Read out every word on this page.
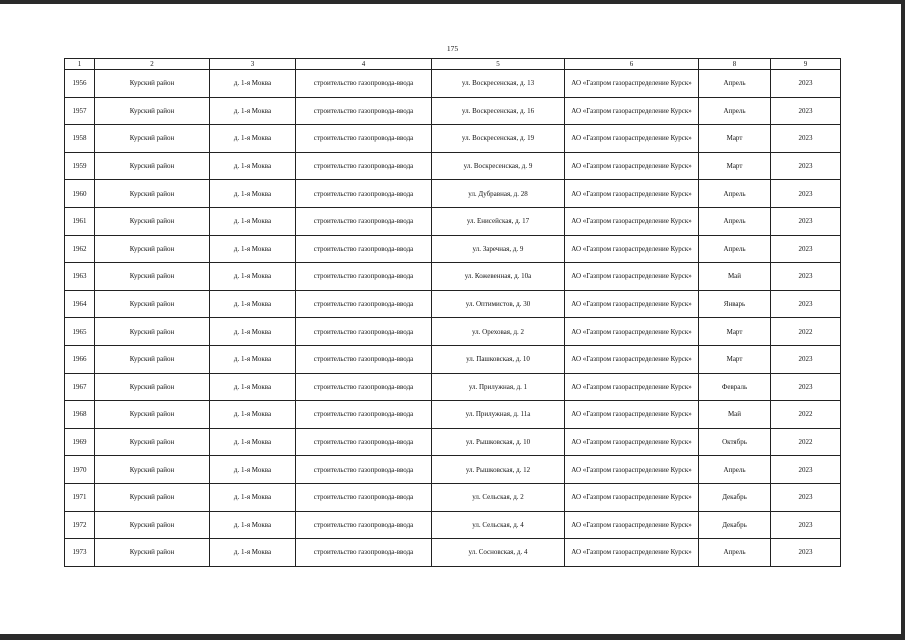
175
1	2	3	4	5	6	8	9
1956	Курский район	д. 1-я Моква	строительство газопровода-ввода	ул. Воскресенская, д. 13	АО «Газпром газораспределение Курск»	Апрель	2023
1957	Курский район	д. 1-я Моква	строительство газопровода-ввода	ул. Воскресенская, д. 16	АО «Газпром газораспределение Курск»	Апрель	2023
1958	Курский район	д. 1-я Моква	строительство газопровода-ввода	ул. Воскресенская, д. 19	АО «Газпром газораспределение Курск»	Март	2023
1959	Курский район	д. 1-я Моква	строительство газопровода-ввода	ул. Воскресенская, д. 9	АО «Газпром газораспределение Курск»	Март	2023
1960	Курский район	д. 1-я Моква	строительство газопровода-ввода	ул. Дубравная, д. 28	АО «Газпром газораспределение Курск»	Апрель	2023
1961	Курский район	д. 1-я Моква	строительство газопровода-ввода	ул. Енисейская, д. 17	АО «Газпром газораспределение Курск»	Апрель	2023
1962	Курский район	д. 1-я Моква	строительство газопровода-ввода	ул. Заречная, д. 9	АО «Газпром газораспределение Курск»	Апрель	2023
1963	Курский район	д. 1-я Моква	строительство газопровода-ввода	ул. Кожевенная, д. 10а	АО «Газпром газораспределение Курск»	Май	2023
1964	Курский район	д. 1-я Моква	строительство газопровода-ввода	ул. Оптимистов, д. 30	АО «Газпром газораспределение Курск»	Январь	2023
1965	Курский район	д. 1-я Моква	строительство газопровода-ввода	ул. Ореховая, д. 2	АО «Газпром газораспределение Курск»	Март	2022
1966	Курский район	д. 1-я Моква	строительство газопровода-ввода	ул. Пашковская, д. 10	АО «Газпром газораспределение Курск»	Март	2023
1967	Курский район	д. 1-я Моква	строительство газопровода-ввода	ул. Прилужная, д. 1	АО «Газпром газораспределение Курск»	Февраль	2023
1968	Курский район	д. 1-я Моква	строительство газопровода-ввода	ул. Прилужная, д. 11а	АО «Газпром газораспределение Курск»	Май	2022
1969	Курский район	д. 1-я Моква	строительство газопровода-ввода	ул. Рышковская, д. 10	АО «Газпром газораспределение Курск»	Октябрь	2022
1970	Курский район	д. 1-я Моква	строительство газопровода-ввода	ул. Рышковская, д. 12	АО «Газпром газораспределение Курск»	Апрель	2023
1971	Курский район	д. 1-я Моква	строительство газопровода-ввода	ул. Сельская, д. 2	АО «Газпром газораспределение Курск»	Декабрь	2023
1972	Курский район	д. 1-я Моква	строительство газопровода-ввода	ул. Сельская, д. 4	АО «Газпром газораспределение Курск»	Декабрь	2023
1973	Курский район	д. 1-я Моква	строительство газопровода-ввода	ул. Сосновская, д. 4	АО «Газпром газораспределение Курск»	Апрель	2023
